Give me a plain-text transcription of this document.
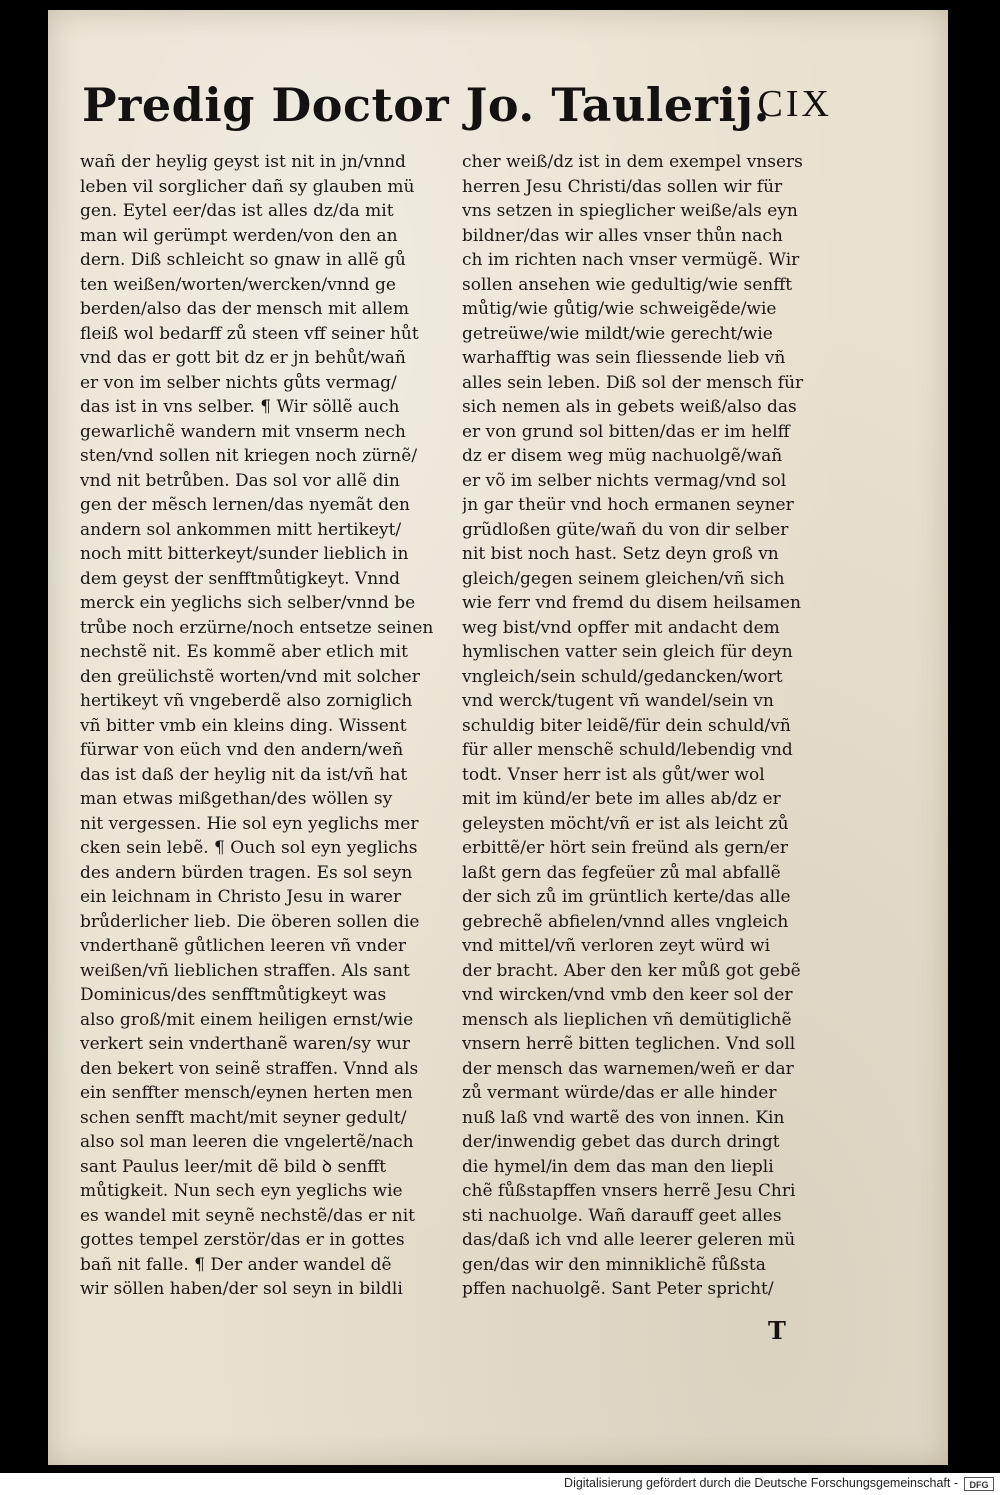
Predig Doctor Jo. Taulerij.
CIX
wañ der heylig geyst ist nit in jn/vnnd
leben vil sorglicher dañ sy glauben mü
gen. Eytel eer/das ist alles dz/da mit
man wil gerümpt werden/von den an
dern. Diß schleicht so gnaw in allẽ gů
ten weißen/worten/wercken/vnnd ge
berden/also das der mensch mit allem
fleiß wol bedarff zů steen vff seiner hůt
vnd das er gott bit dz er jn behůt/wañ
er von im selber nichts gůts vermag/
das ist in vns selber. ¶ Wir söllẽ auch
gewarlichẽ wandern mit vnserm nech
sten/vnd sollen nit kriegen noch zürnẽ/
vnd nit betrůben. Das sol vor allẽ din
gen der mẽsch lernen/das nyemãt den
andern sol ankommen mitt hertikeyt/
noch mitt bitterkeyt/sunder lieblich in
dem geyst der senfftmůtigkeyt. Vnnd
merck ein yeglichs sich selber/vnnd be
trůbe noch erzürne/noch entsetze seinen
nechstẽ nit. Es kommẽ aber etlich mit
den greülichstẽ worten/vnd mit solcher
hertikeyt vñ vngeberdẽ also zorniglich
vñ bitter vmb ein kleins ding. Wissent
fürwar von eüch vnd den andern/weñ
das ist daß der heylig nit da ist/vñ hat
man etwas mißgethan/des wöllen sy
nit vergessen. Hie sol eyn yeglichs mer
cken sein lebẽ. ¶ Ouch sol eyn yeglichs
des andern bürden tragen. Es sol seyn
ein leichnam in Christo Jesu in warer
brůderlicher lieb. Die öberen sollen die
vnderthanẽ gůtlichen leeren vñ vnder
weißen/vñ lieblichen straffen. Als sant
Dominicus/des senfftmůtigkeyt was
also groß/mit einem heiligen ernst/wie
verkert sein vnderthanẽ waren/sy wur
den bekert von seinẽ straffen. Vnnd als
ein senffter mensch/eynen herten men
schen senfft macht/mit seyner gedult/
also sol man leeren die vngelertẽ/nach
sant Paulus leer/mit dẽ bild ꝺ senfft
můtigkeit. Nun sech eyn yeglichs wie
es wandel mit seynẽ nechstẽ/das er nit
gottes tempel zerstör/das er in gottes
bañ nit falle. ¶ Der ander wandel dẽ
wir söllen haben/der sol seyn in bildli
cher weiß/dz ist in dem exempel vnsers
herren Jesu Christi/das sollen wir für
vns setzen in spieglicher weiße/als eyn
bildner/das wir alles vnser thůn nach
ch im richten nach vnser vermügẽ. Wir
sollen ansehen wie gedultig/wie senfft
můtig/wie gůtig/wie schweigẽde/wie
getreüwe/wie mildt/wie gerecht/wie
warhafftig was sein fliessende lieb vñ
alles sein leben. Diß sol der mensch für
sich nemen als in gebets weiß/also das
er von grund sol bitten/das er im helff
dz er disem weg müg nachuolgẽ/wañ
er võ im selber nichts vermag/vnd sol
jn gar theür vnd hoch ermanen seyner
grũdloßen güte/wañ du von dir selber
nit bist noch hast. Setz deyn groß vn
gleich/gegen seinem gleichen/vñ sich
wie ferr vnd fremd du disem heilsamen
weg bist/vnd opffer mit andacht dem
hymlischen vatter sein gleich für deyn
vngleich/sein schuld/gedancken/wort
vnd werck/tugent vñ wandel/sein vn
schuldig biter leidẽ/für dein schuld/vñ
für aller menschẽ schuld/lebendig vnd
todt. Vnser herr ist als gůt/wer wol
mit im künd/er bete im alles ab/dz er
geleysten möcht/vñ er ist als leicht zů
erbittẽ/er hört sein freünd als gern/er
laßt gern das fegfeüer zů mal abfallẽ
der sich zů im grüntlich kerte/das alle
gebrechẽ abfielen/vnnd alles vngleich
vnd mittel/vñ verloren zeyt würd wi
der bracht. Aber den ker můß got gebẽ
vnd wircken/vnd vmb den keer sol der
mensch als lieplichen vñ demütiglichẽ
vnsern herrẽ bitten teglichen. Vnd soll
der mensch das warnemen/weñ er dar
zů vermant würde/das er alle hinder
nuß laß vnd wartẽ des von innen. Kin
der/inwendig gebet das durch dringt
die hymel/in dem das man den liepli
chẽ fůßstapffen vnsers herrẽ Jesu Chri
sti nachuolge. Wañ darauff geet alles
das/daß ich vnd alle leerer geleren mü
gen/das wir den minniklichẽ fůßsta
pffen nachuolgẽ. Sant Peter spricht/
T
Digitalisierung gefördert durch die Deutsche Forschungsgemeinschaft -	DFG
